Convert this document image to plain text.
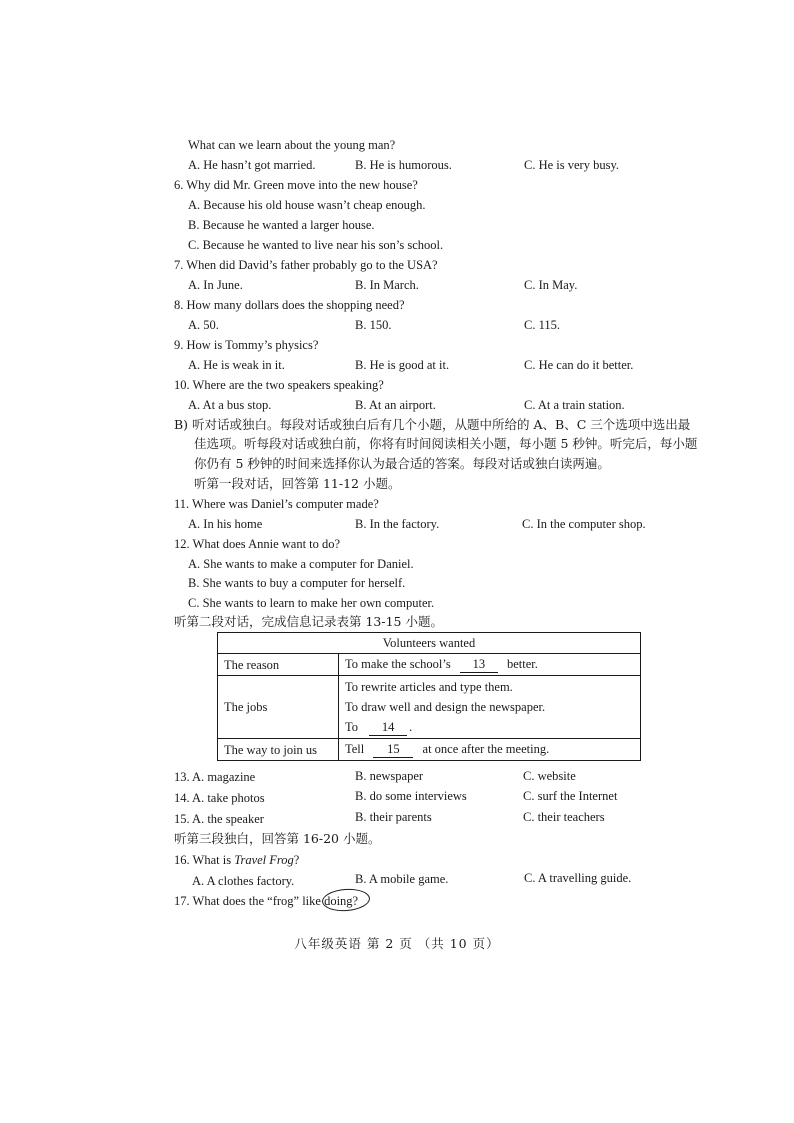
What can we learn about the young man?
A. He hasn’t got married.	B. He is humorous.	C. He is very busy.
6. Why did Mr. Green move into the new house?
A. Because his old house wasn’t cheap enough.
B. Because he wanted a larger house.
C. Because he wanted to live near his son’s school.
7. When did David’s father probably go to the USA?
A. In June.	B. In March.	C. In May.
8. How many dollars does the shopping need?
A. 50.	B. 150.	C. 115.
9. How is Tommy’s physics?
A. He is weak in it.	B. He is good at it.	C. He can do it better.
10. Where are the two speakers speaking?
A. At a bus stop.	B. At an airport.	C. At a train station.
B) 听对话或独白。每段对话或独白后有几个小题，从题中所给的 A、B、C 三个选项中选出最
佳选项。听每段对话或独白前，你将有时间阅读相关小题，每小题 5 秒钟。听完后，每小题
你仍有 5 秒钟的时间来选择你认为最合适的答案。每段对话或独白读两遍。
听第一段对话，回答第 11-12 小题。
11. Where was Daniel’s computer made?
A. In his home	B. In the factory.	C. In the computer shop.
12. What does Annie want to do?
A. She wants to make a computer for Daniel.
B. She wants to buy a computer for herself.
C. She wants to learn to make her own computer.
听第二段对话，完成信息记录表第 13-15 小题。
Volunteers wanted	
The reason	To make the school’s 13 better.
The jobs	To rewrite articles and type them.
To draw well and design the newspaper.
To 14 .

The way to join us	Tell 15 at once after the meeting.
13. A. magazine	B. newspaper	C. website
14. A. take photos	B. do some interviews	C. surf the Internet
15. A. the speaker	B. their parents	C. their teachers
听第三段独白，回答第 16-20 小题。
16. What is Travel Frog?
A. A clothes factory.	B. A mobile game.	C. A travelling guide.
17. What does the “frog” like doing?
八年级英语 第 2 页 （共 10 页）
